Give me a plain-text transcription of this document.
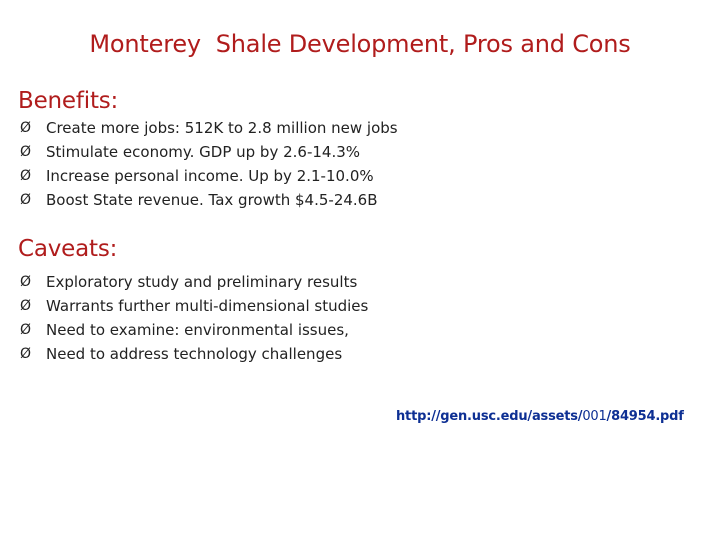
Monterey  Shale Development, Pros and Cons
Benefits:
Ø Create more jobs: 512K to 2.8 million new jobs
Ø Stimulate economy. GDP up by 2.6-14.3%
Ø Increase personal income. Up by 2.1-10.0%
Ø Boost State revenue. Tax growth $4.5-24.6B
Caveats:
Ø Exploratory study and preliminary results
Ø Warrants further multi-dimensional studies
Ø Need to examine: environmental issues,
Ø Need to address technology challenges
http://gen.usc.edu/assets/001/84954.pdf
